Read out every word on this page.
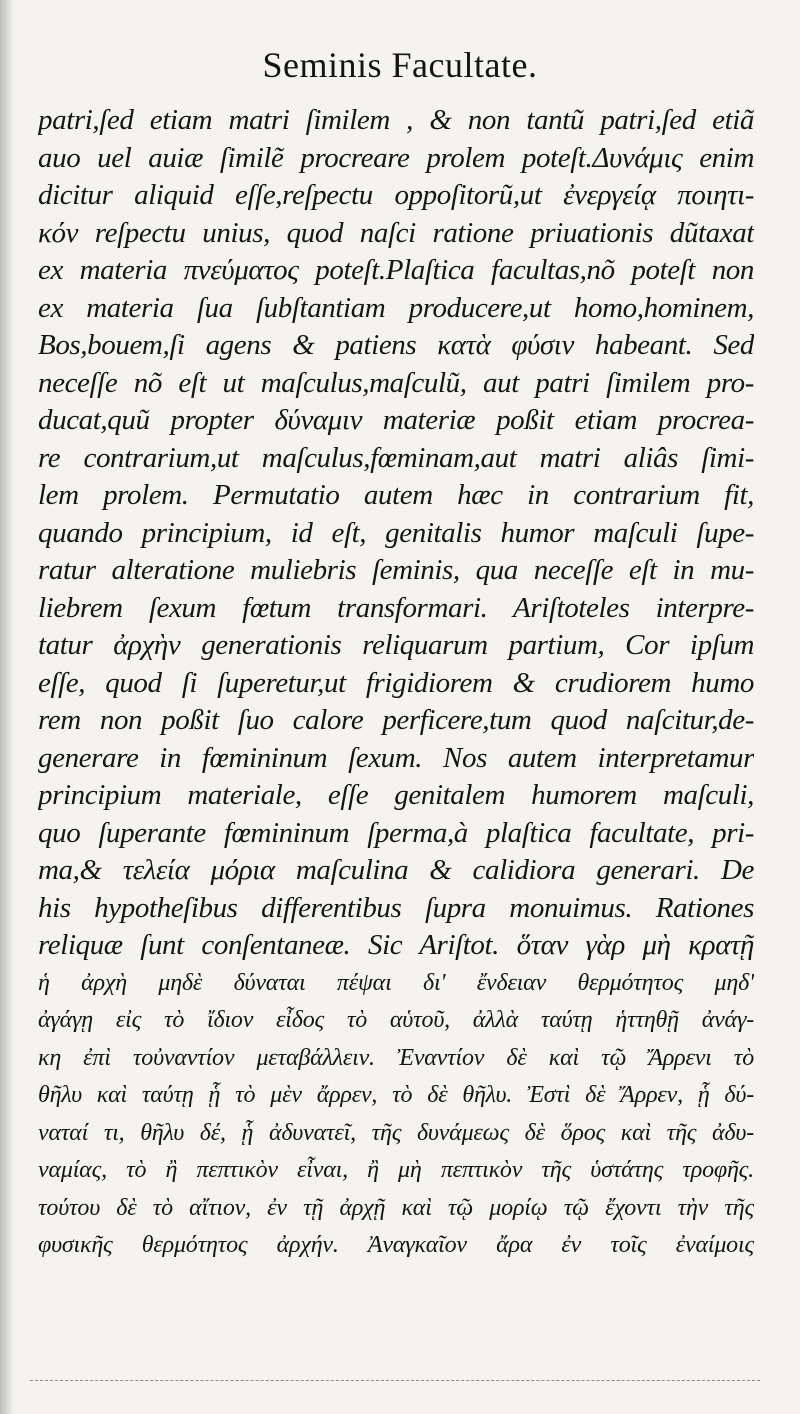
Seminis Facultate.
patri,ſed etiam matri ſimilem , & non tantũ patri,ſed etiã
auo uel auiæ ſimilẽ procreare prolem poteſt.Δυνάμις enim
dicitur aliquid eſſe,reſpectu oppoſitorũ,ut ἐνεργείᾳ ποιητι-
κόν reſpectu unius, quod naſci ratione priuationis dũtaxat
ex materia πνεύματος poteſt.Plaſtica facultas,nõ poteſt non
ex materia ſua ſubſtantiam producere,ut homo,hominem,
Bos,bouem,ſi agens & patiens κατὰ φύσιν habeant. Sed
neceſſe nõ eſt ut maſculus,maſculũ, aut patri ſimilem pro-
ducat,quũ propter δύναμιν materiæ poßit etiam procrea-
re contrarium,ut maſculus,fœminam,aut matri aliâs ſimi-
lem prolem. Permutatio autem hæc in contrarium fit,
quando principium, id eſt, genitalis humor maſculi ſupe-
ratur alteratione muliebris ſeminis, qua neceſſe eſt in mu-
liebrem ſexum fœtum transformari. Ariſtoteles interpre-
tatur ἀρχὴν generationis reliquarum partium, Cor ipſum
eſſe, quod ſi ſuperetur,ut frigidiorem & crudiorem humo
rem non poßit ſuo calore perficere,tum quod naſcitur,de-
generare in fœmininum ſexum. Nos autem interpretamur
principium materiale, eſſe genitalem humorem maſculi,
quo ſuperante fœmininum ſperma,à plaſtica facultate, pri-
ma,& τελεία μόρια maſculina & calidiora generari. De
his hypotheſibus differentibus ſupra monuimus. Rationes
reliquæ ſunt conſentaneæ. Sic Ariſtot. ὅταν γὰρ μὴ κρατῇ
ἡ ἀρχὴ μηδὲ δύναται πέψαι δι' ἔνδειαν θερμότητος μηδ'
ἀγάγῃ εἰς τὸ ἴδιον εἶδος τὸ αὑτοῦ, ἀλλὰ ταύτῃ ἡττηθῇ ἀνάγ-
κη ἐπὶ τοὐναντίον μεταβάλλειν. Ἐναντίον δὲ καὶ τῷ Ἄρρενι τὸ
θῆλυ καὶ ταύτῃ ᾗ τὸ μὲν ἄρρεν, τὸ δὲ θῆλυ. Ἐστὶ δὲ Ἄρρεν, ᾗ δύ-
ναταί τι, θῆλυ δέ, ᾗ ἀδυνατεῖ, τῆς δυνάμεως δὲ ὅρος καὶ τῆς ἀδυ-
ναμίας, τὸ ἢ πεπτικὸν εἶναι, ἢ μὴ πεπτικὸν τῆς ὑστάτης τροφῆς.
τούτου δὲ τὸ αἴτιον, ἐν τῇ ἀρχῇ καὶ τῷ μορίῳ τῷ ἔχοντι τὴν τῆς
φυσικῆς θερμότητος ἀρχήν. Ἀναγκαῖον ἄρα ἐν τοῖς ἐναίμοις
